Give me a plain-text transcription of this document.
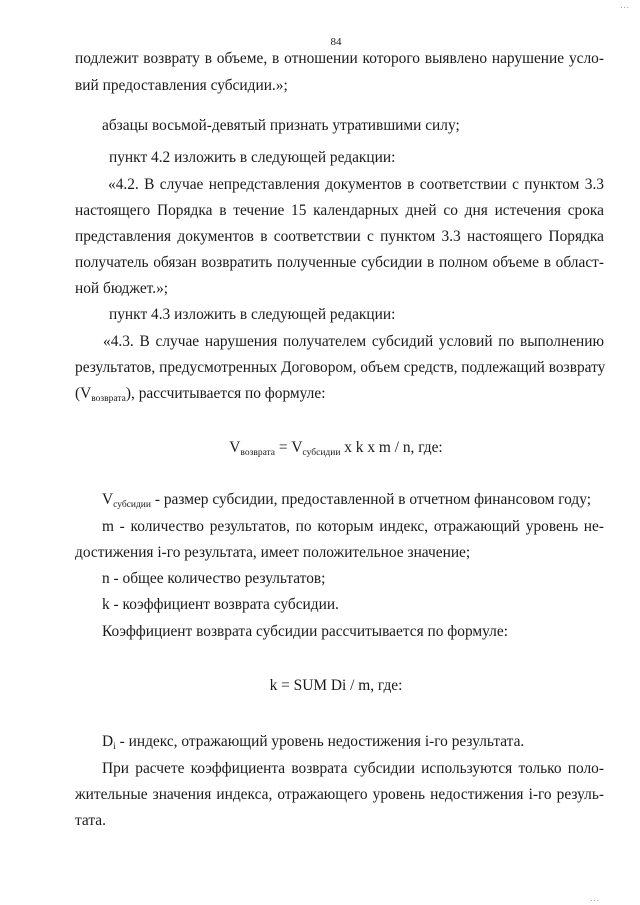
84
...
подлежит возврату в объеме, в отношении которого выявлено нарушение усло-
вий предоставления субсидии.»;
абзацы восьмой-девятый признать утратившими силу;
пункт 4.2 изложить в следующей редакции:
«4.2. В случае непредставления документов в соответствии с пунктом 3.3
настоящего Порядка в течение 15 календарных дней со дня истечения срока
представления документов в соответствии с пунктом 3.3 настоящего Порядка
получатель обязан возвратить полученные субсидии в полном объеме в област-
ной бюджет.»;
пункт 4.3 изложить в следующей редакции:
«4.3. В случае нарушения получателем субсидий условий по выполнению
результатов, предусмотренных Договором, объем средств, подлежащий возврату
$(V_{возврата})$, рассчитывается по формуле:
$V_{возврата} = V_{субсидии}$ x k x m / n, где:
$V_{субсидии}$ - размер субсидии, предоставленной в отчетном финансовом году;
m - количество результатов, по которым индекс, отражающий уровень не-
достижения i-го результата, имеет положительное значение;
n - общее количество результатов;
k - коэффициент возврата субсидии.
Коэффициент возврата субсидии рассчитывается по формуле:
k = SUM Di / m, где:
$D_i$ - индекс, отражающий уровень недостижения i-го результата.
При расчете коэффициента возврата субсидии используются только поло-
жительные значения индекса, отражающего уровень недостижения i-го резуль-
тата.
...
